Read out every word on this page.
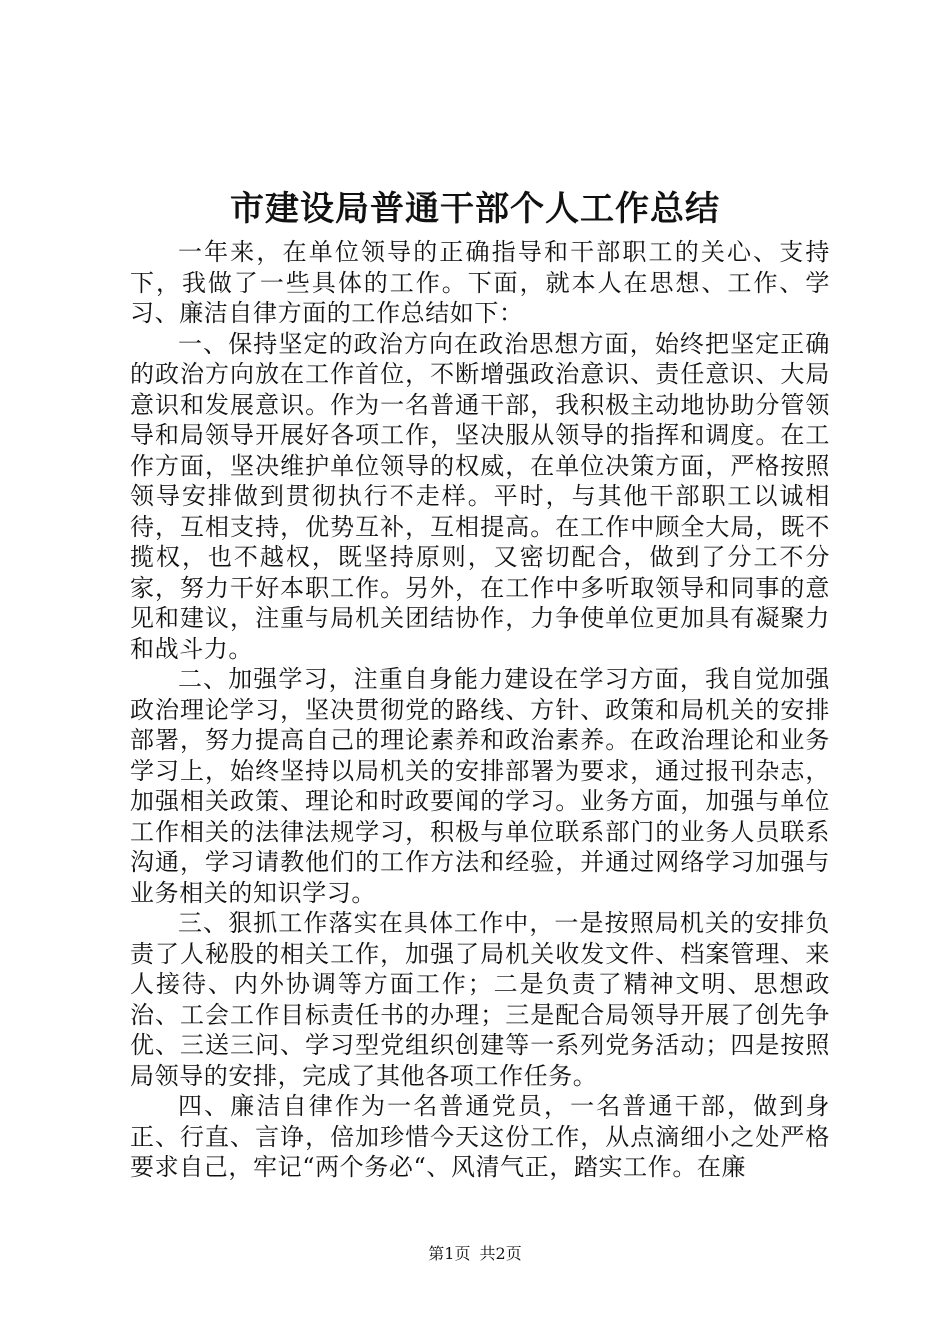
市建设局普通干部个人工作总结

一年来，在单位领导的正确指导和干部职工的关心、支持下，我做了一些具体的工作。下面，就本人在思想、工作、学习、廉洁自律方面的工作总结如下：

一、保持坚定的政治方向在政治思想方面，始终把坚定正确的政治方向放在工作首位，不断增强政治意识、责任意识、大局意识和发展意识。作为一名普通干部，我积极主动地协助分管领导和局领导开展好各项工作，坚决服从领导的指挥和调度。在工作方面，坚决维护单位领导的权威，在单位决策方面，严格按照领导安排做到贯彻执行不走样。平时，与其他干部职工以诚相待，互相支持，优势互补，互相提高。在工作中顾全大局，既不揽权，也不越权，既坚持原则，又密切配合，做到了分工不分家，努力干好本职工作。另外，在工作中多听取领导和同事的意见和建议，注重与局机关团结协作，力争使单位更加具有凝聚力和战斗力。

二、加强学习，注重自身能力建设在学习方面，我自觉加强政治理论学习，坚决贯彻党的路线、方针、政策和局机关的安排部署，努力提高自己的理论素养和政治素养。在政治理论和业务学习上，始终坚持以局机关的安排部署为要求，通过报刊杂志，加强相关政策、理论和时政要闻的学习。业务方面，加强与单位工作相关的法律法规学习，积极与单位联系部门的业务人员联系沟通，学习请教他们的工作方法和经验，并通过网络学习加强与业务相关的知识学习。

三、狠抓工作落实在具体工作中，一是按照局机关的安排负责了人秘股的相关工作，加强了局机关收发文件、档案管理、来人接待、内外协调等方面工作；二是负责了精神文明、思想政治、工会工作目标责任书的办理；三是配合局领导开展了创先争优、三送三问、学习型党组织创建等一系列党务活动；四是按照局领导的安排，完成了其他各项工作任务。

四、廉洁自律作为一名普通党员，一名普通干部，做到身正、行直、言诤，倍加珍惜今天这份工作，从点滴细小之处严格要求自己，牢记“两个务必“、风清气正，踏实工作。在廉

第1页 共2页
